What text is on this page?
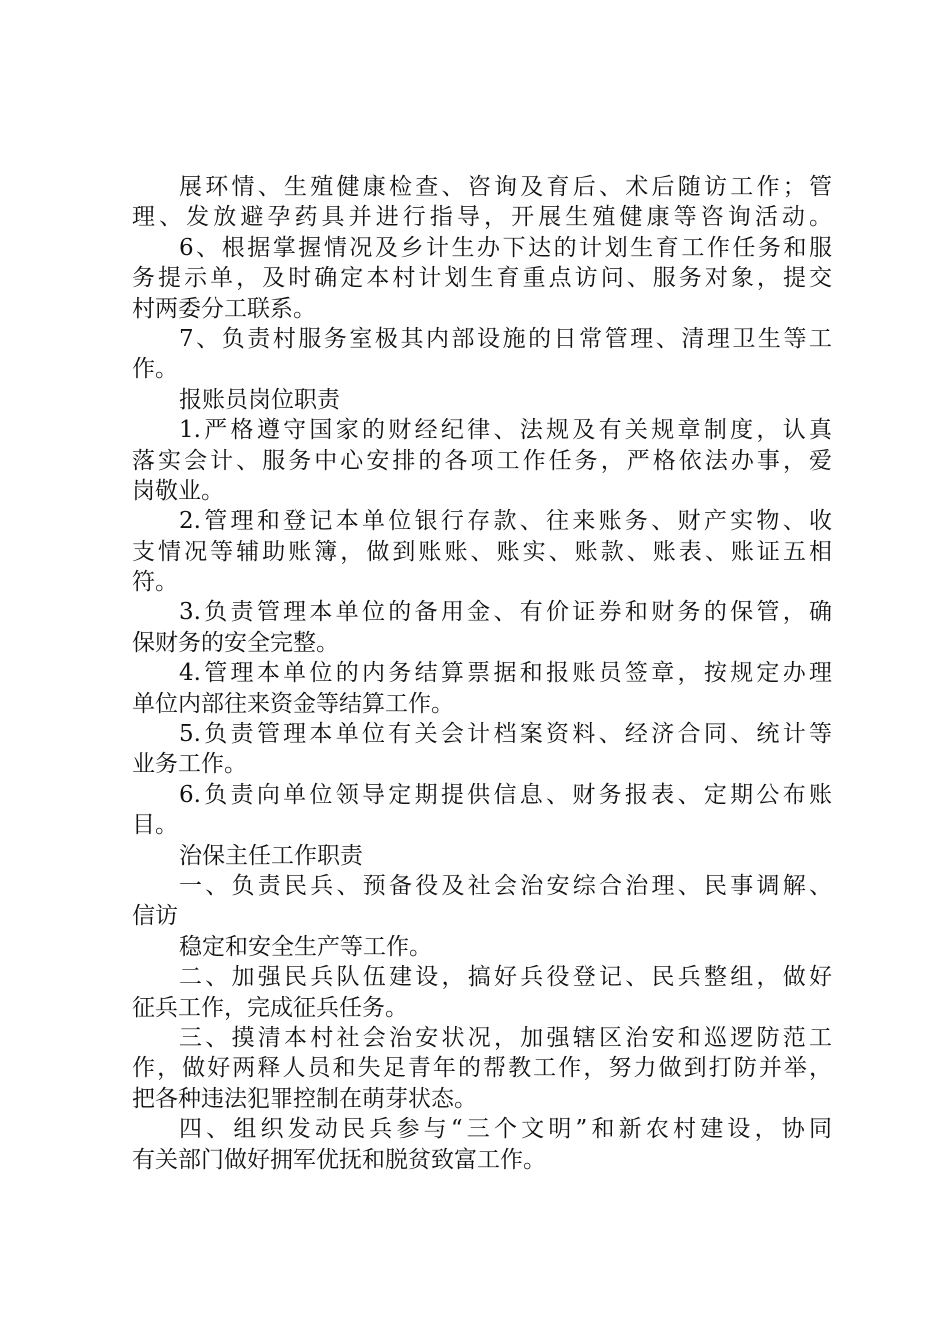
展环情、生殖健康检查、咨询及育后、术后随访工作；管
理、发放避孕药具并进行指导，开展生殖健康等咨询活动。
6、根据掌握情况及乡计生办下达的计划生育工作任务和服
务提示单，及时确定本村计划生育重点访问、服务对象，提交
村两委分工联系。
7、负责村服务室极其内部设施的日常管理、清理卫生等工
作。
报账员岗位职责
1.严格遵守国家的财经纪律、法规及有关规章制度，认真
落实会计、服务中心安排的各项工作任务，严格依法办事，爱
岗敬业。
2.管理和登记本单位银行存款、往来账务、财产实物、收
支情况等辅助账簿，做到账账、账实、账款、账表、账证五相
符。
3.负责管理本单位的备用金、有价证券和财务的保管，确
保财务的安全完整。
4.管理本单位的内务结算票据和报账员签章，按规定办理
单位内部往来资金等结算工作。
5.负责管理本单位有关会计档案资料、经济合同、统计等
业务工作。
6.负责向单位领导定期提供信息、财务报表、定期公布账
目。
治保主任工作职责
一、负责民兵、预备役及社会治安综合治理、民事调解、
信访
稳定和安全生产等工作。
二、加强民兵队伍建设，搞好兵役登记、民兵整组，做好
征兵工作，完成征兵任务。
三、摸清本村社会治安状况，加强辖区治安和巡逻防范工
作，做好两释人员和失足青年的帮教工作，努力做到打防并举，
把各种违法犯罪控制在萌芽状态。
四、组织发动民兵参与“三个文明”和新农村建设，协同
有关部门做好拥军优抚和脱贫致富工作。
